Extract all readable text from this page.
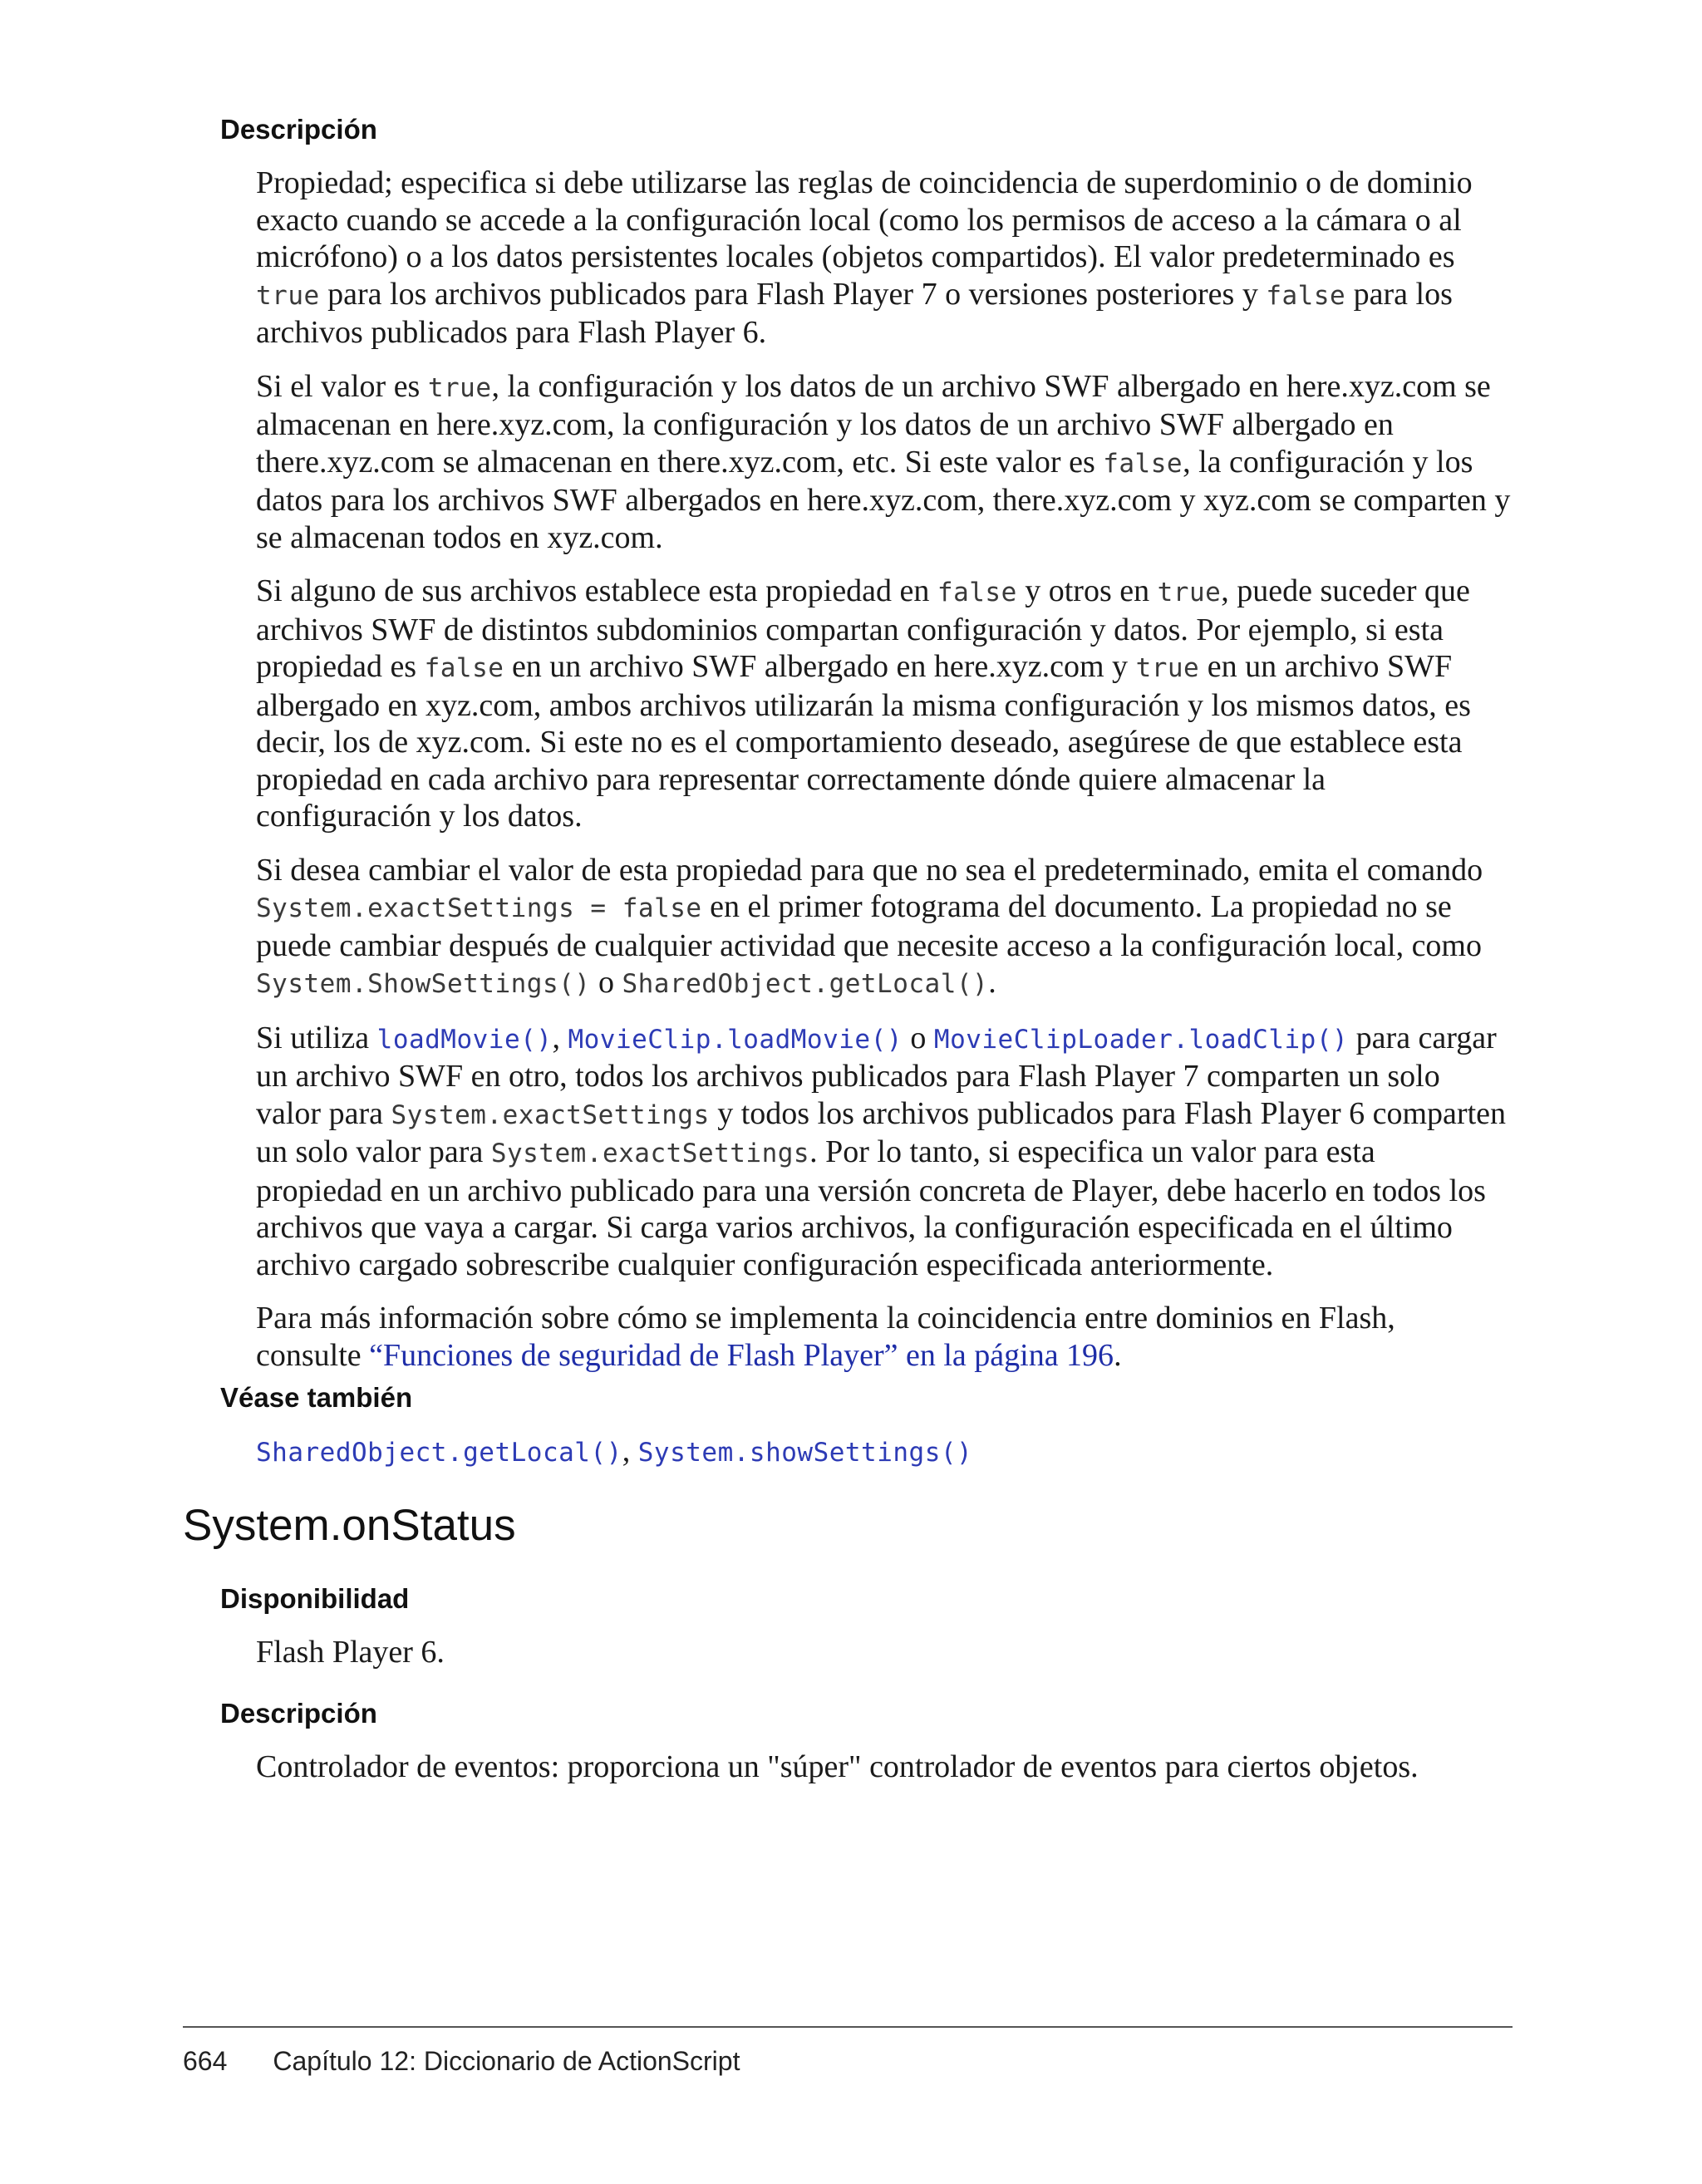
Descripción

Propiedad; especifica si debe utilizarse las reglas de coincidencia de superdominio o de dominio
exacto cuando se accede a la configuración local (como los permisos de acceso a la cámara o al
micrófono) o a los datos persistentes locales (objetos compartidos). El valor predeterminado es
true para los archivos publicados para Flash Player 7 o versiones posteriores y false para los
archivos publicados para Flash Player 6.

Si el valor es true, la configuración y los datos de un archivo SWF albergado en here.xyz.com se
almacenan en here.xyz.com, la configuración y los datos de un archivo SWF albergado en
there.xyz.com se almacenan en there.xyz.com, etc. Si este valor es false, la configuración y los
datos para los archivos SWF albergados en here.xyz.com, there.xyz.com y xyz.com se comparten y
se almacenan todos en xyz.com.

Si alguno de sus archivos establece esta propiedad en false y otros en true, puede suceder que
archivos SWF de distintos subdominios compartan configuración y datos. Por ejemplo, si esta
propiedad es false en un archivo SWF albergado en here.xyz.com y true en un archivo SWF
albergado en xyz.com, ambos archivos utilizarán la misma configuración y los mismos datos, es
decir, los de xyz.com. Si este no es el comportamiento deseado, asegúrese de que establece esta
propiedad en cada archivo para representar correctamente dónde quiere almacenar la
configuración y los datos.

Si desea cambiar el valor de esta propiedad para que no sea el predeterminado, emita el comando
System.exactSettings = false en el primer fotograma del documento. La propiedad no se
puede cambiar después de cualquier actividad que necesite acceso a la configuración local, como
System.ShowSettings() o SharedObject.getLocal().

Si utiliza loadMovie(), MovieClip.loadMovie() o MovieClipLoader.loadClip() para cargar
un archivo SWF en otro, todos los archivos publicados para Flash Player 7 comparten un solo
valor para System.exactSettings y todos los archivos publicados para Flash Player 6 comparten
un solo valor para System.exactSettings. Por lo tanto, si especifica un valor para esta
propiedad en un archivo publicado para una versión concreta de Player, debe hacerlo en todos los
archivos que vaya a cargar. Si carga varios archivos, la configuración especificada en el último
archivo cargado sobrescribe cualquier configuración especificada anteriormente.

Para más información sobre cómo se implementa la coincidencia entre dominios en Flash,
consulte “Funciones de seguridad de Flash Player” en la página 196.

Véase también
SharedObject.getLocal(), System.showSettings()
System.onStatus
Disponibilidad
Flash Player 6.
Descripción
Controlador de eventos: proporciona un "súper" controlador de eventos para ciertos objetos.
664 Capítulo 12: Diccionario de ActionScript
